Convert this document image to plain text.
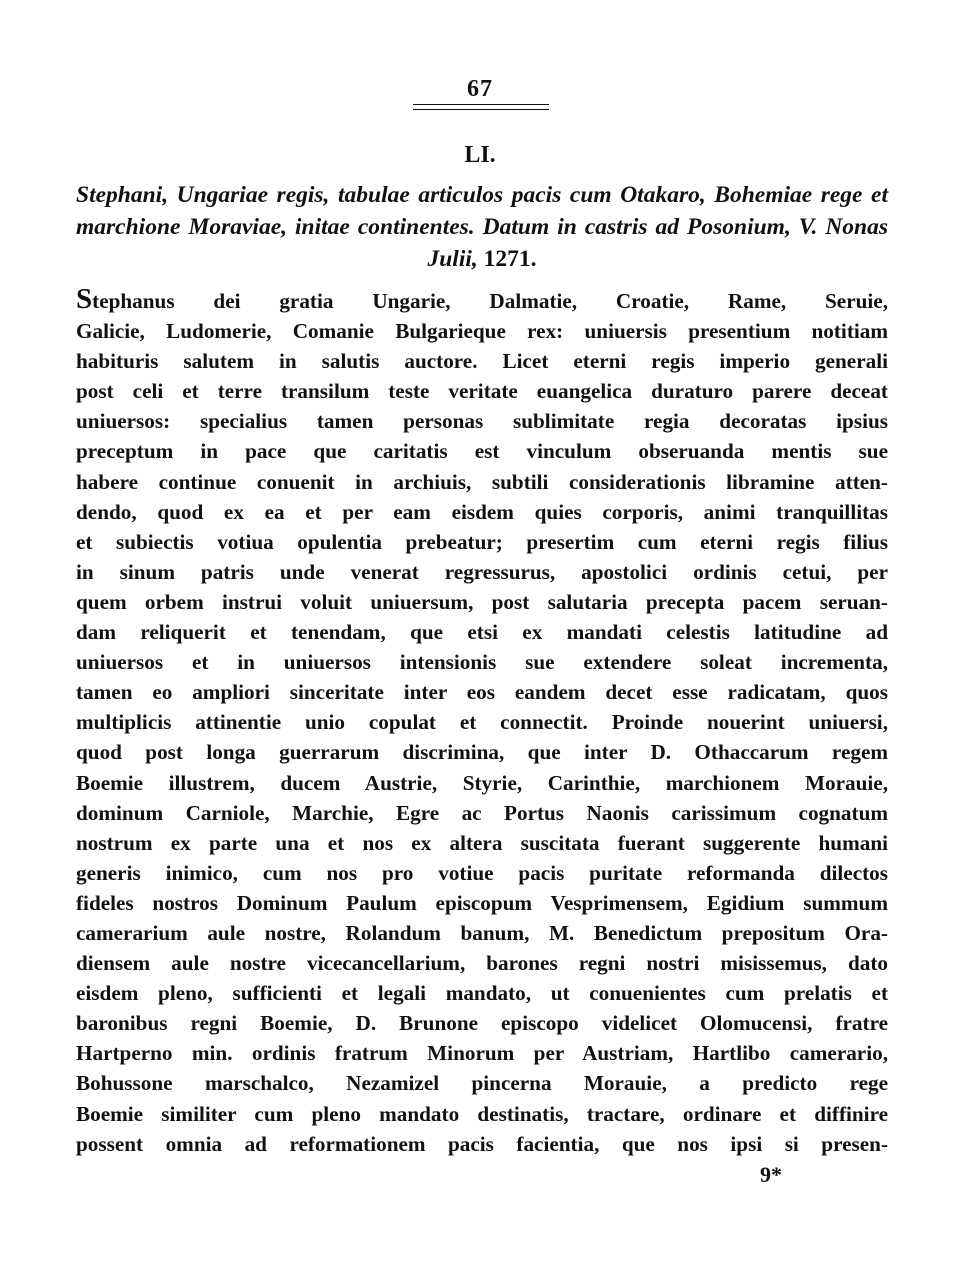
67
LI.
Stephani, Ungariae regis, tabulae articulos pacis cum Otakaro, Bohemiae rege et marchione Moraviae, initae continentes. Datum in castris ad Posonium, V. Nonas Julii, 1271.
Stephanus dei gratia Ungarie, Dalmatie, Croatie, Rame, Seruie,
Galicie, Ludomerie, Comanie Bulgarieque rex: uniuersis presentium notitiam
habituris salutem in salutis auctore. Licet eterni regis imperio generali
post celi et terre transilum teste veritate euangelica duraturo parere deceat
uniuersos: specialius tamen personas sublimitate regia decoratas ipsius
preceptum in pace que caritatis est vinculum obseruanda mentis sue
habere continue conuenit in archiuis, subtili considerationis libramine atten-
dendo, quod ex ea et per eam eisdem quies corporis, animi tranquillitas
et subiectis votiua opulentia prebeatur; presertim cum eterni regis filius
in sinum patris unde venerat regressurus, apostolici ordinis cetui, per
quem orbem instrui voluit uniuersum, post salutaria precepta pacem seruan-
dam reliquerit et tenendam, que etsi ex mandati celestis latitudine ad
uniuersos et in uniuersos intensionis sue extendere soleat incrementa,
tamen eo ampliori sinceritate inter eos eandem decet esse radicatam, quos
multiplicis attinentie unio copulat et connectit. Proinde nouerint uniuersi,
quod post longa guerrarum discrimina, que inter D. Othaccarum regem
Boemie illustrem, ducem Austrie, Styrie, Carinthie, marchionem Morauie,
dominum Carniole, Marchie, Egre ac Portus Naonis carissimum cognatum
nostrum ex parte una et nos ex altera suscitata fuerant suggerente humani
generis inimico, cum nos pro votiue pacis puritate reformanda dilectos
fideles nostros Dominum Paulum episcopum Vesprimensem, Egidium summum
camerarium aule nostre, Rolandum banum, M. Benedictum prepositum Ora-
diensem aule nostre vicecancellarium, barones regni nostri misissemus, dato
eisdem pleno, sufficienti et legali mandato, ut conuenientes cum prelatis et
baronibus regni Boemie, D. Brunone episcopo videlicet Olomucensi, fratre
Hartperno min. ordinis fratrum Minorum per Austriam, Hartlibo camerario,
Bohussone marschalco, Nezamizel pincerna Morauie, a predicto rege
Boemie similiter cum pleno mandato destinatis, tractare, ordinare et diffinire
possent omnia ad reformationem pacis facientia, que nos ipsi si presen-
9*
